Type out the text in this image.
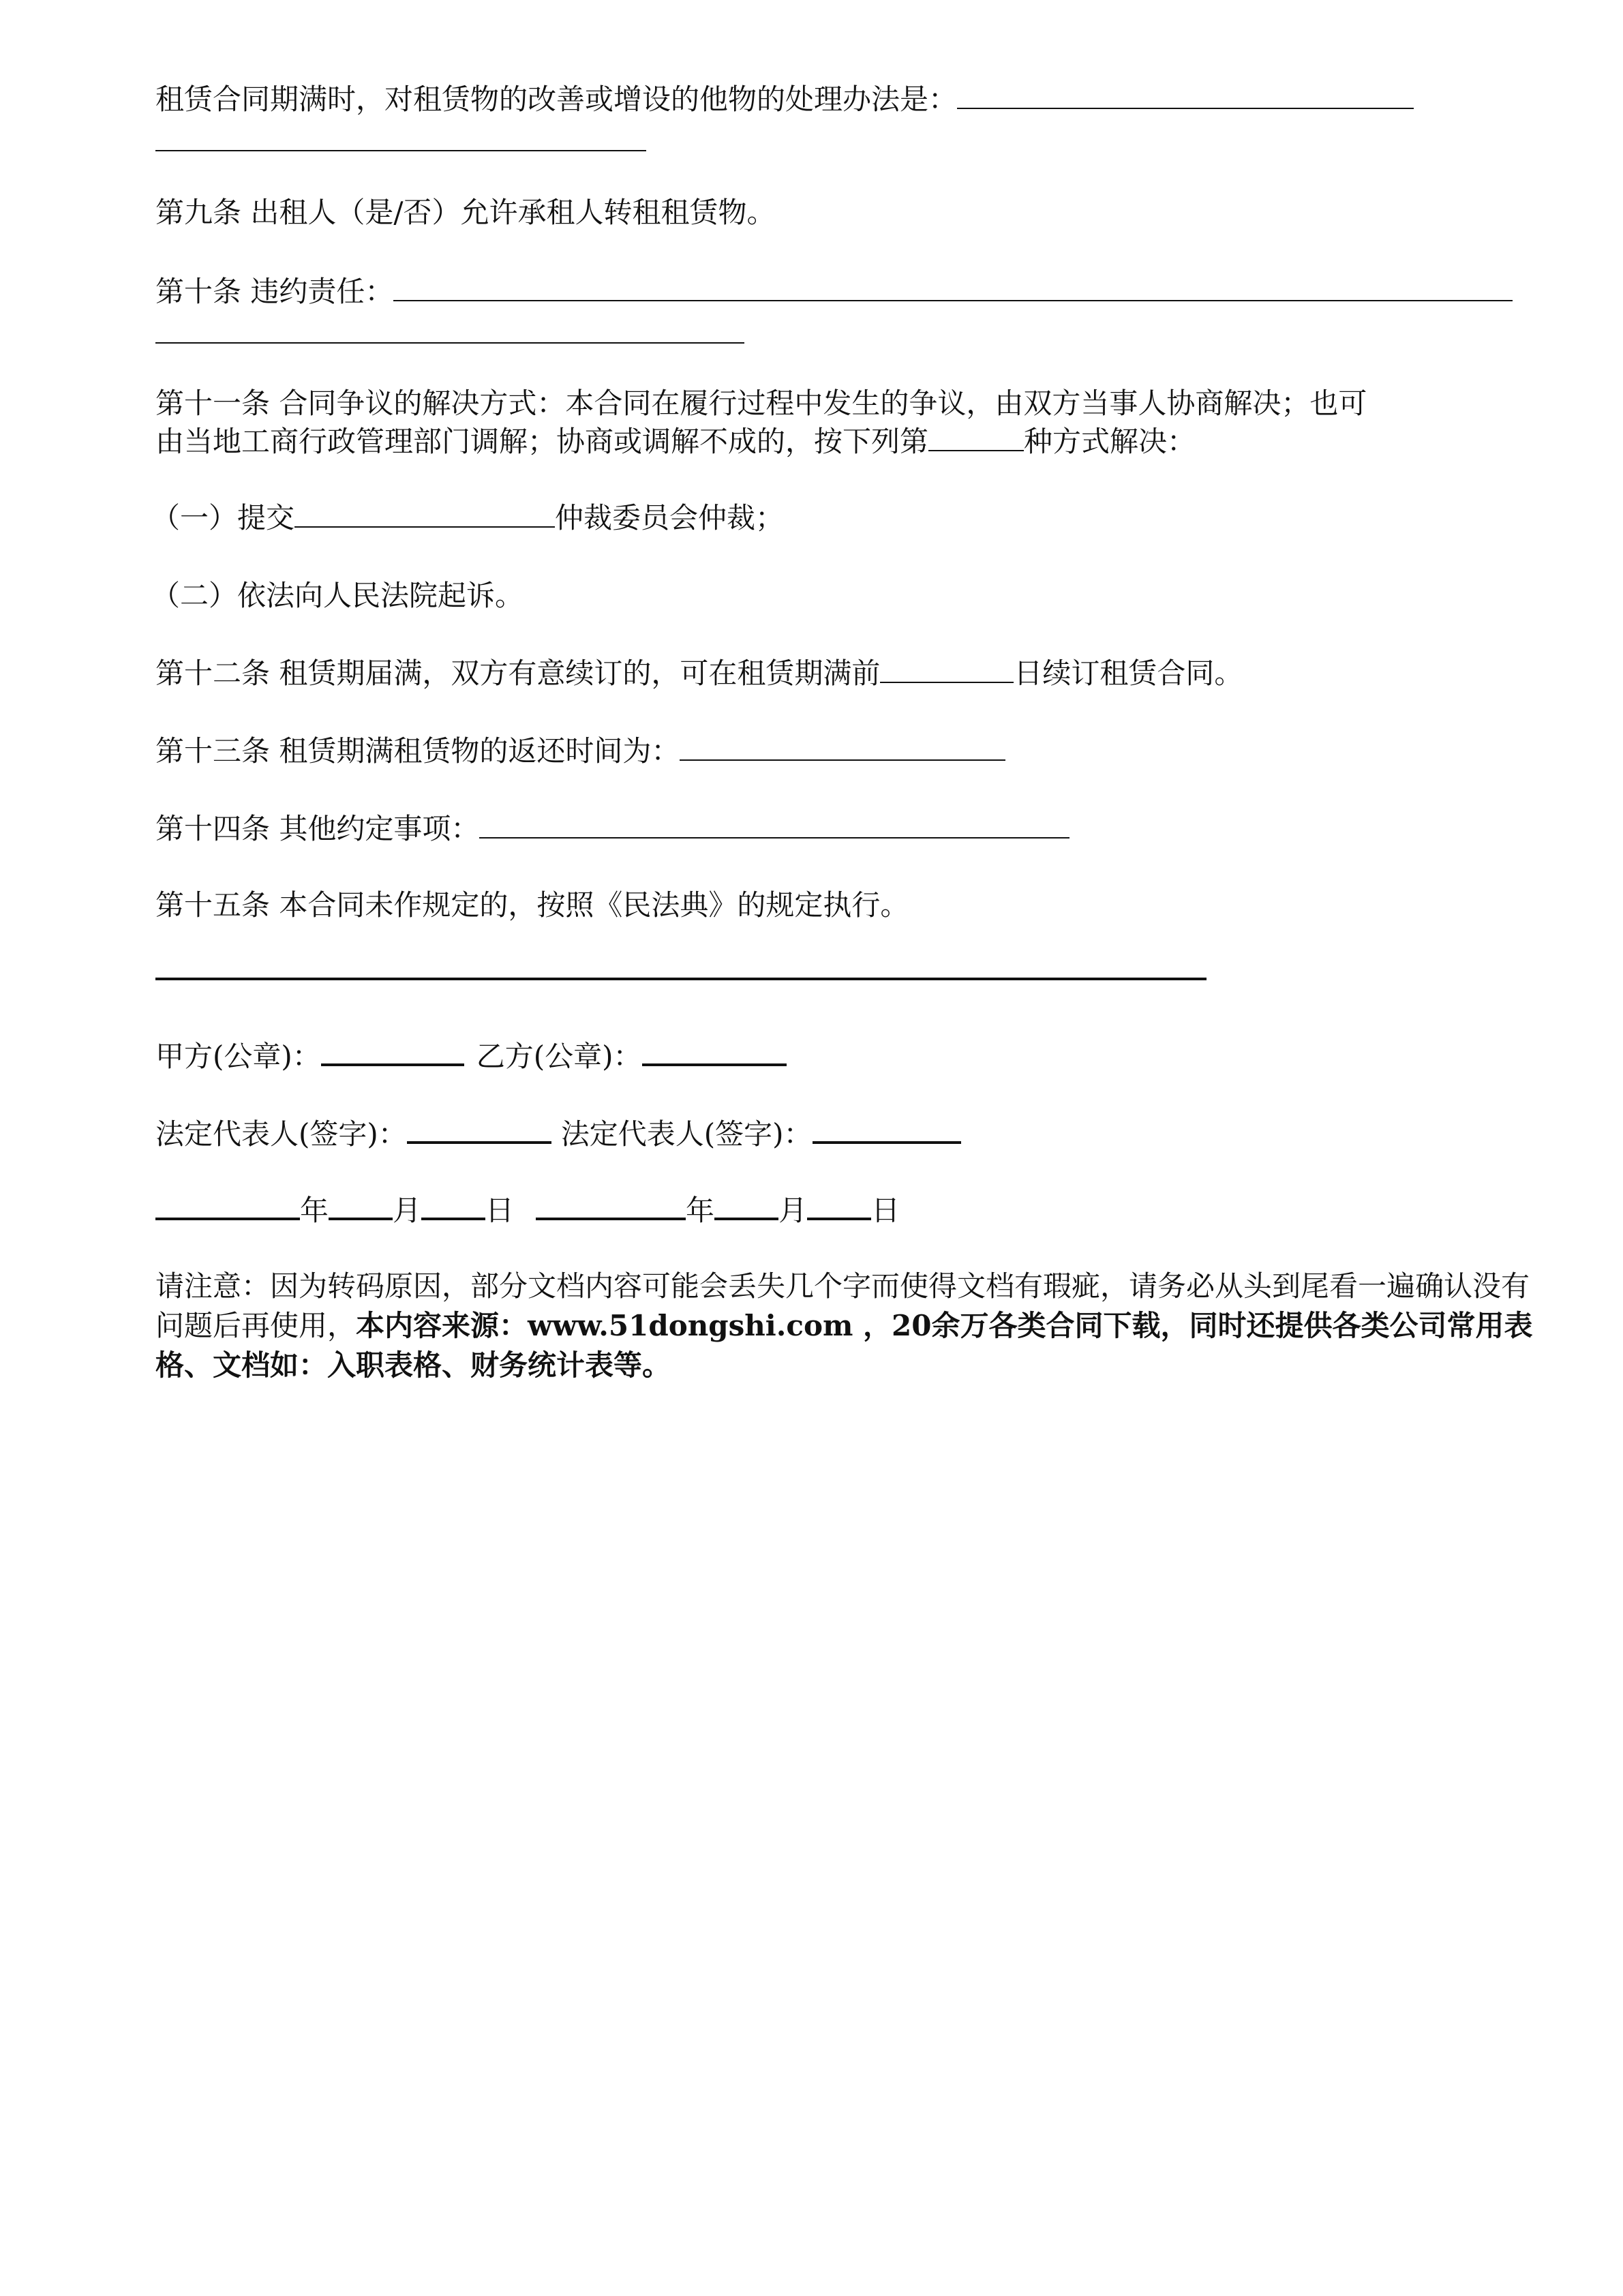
租赁合同期满时，对租赁物的改善或增设的他物的处理办法是：
第九条 出租人（是/否）允许承租人转租租赁物。
第十条 违约责任：
第十一条 合同争议的解决方式：本合同在履行过程中发生的争议，由双方当事人协商解决；也可
由当地工商行政管理部门调解；协商或调解不成的，按下列第	种方式解决：
（一）提交	仲裁委员会仲裁；
（二）依法向人民法院起诉。
第十二条 租赁期届满，双方有意续订的，可在租赁期满前	日续订租赁合同。
第十三条 租赁期满租赁物的返还时间为：
第十四条 其他约定事项：
第十五条 本合同未作规定的，按照《民法典》的规定执行。
甲方(公章)：	乙方(公章)：
法定代表人(签字)：	法定代表人(签字)：
年 月 日	年 月 日
请注意：因为转码原因，部分文档内容可能会丢失几个字而使得文档有瑕疵，请务必从头到尾看一遍确认没有问题后再使用，本内容来源：www.51dongshi.com ，20余万各类合同下载，同时还提供各类公司常用表格、文档如：入职表格、财务统计表等。
